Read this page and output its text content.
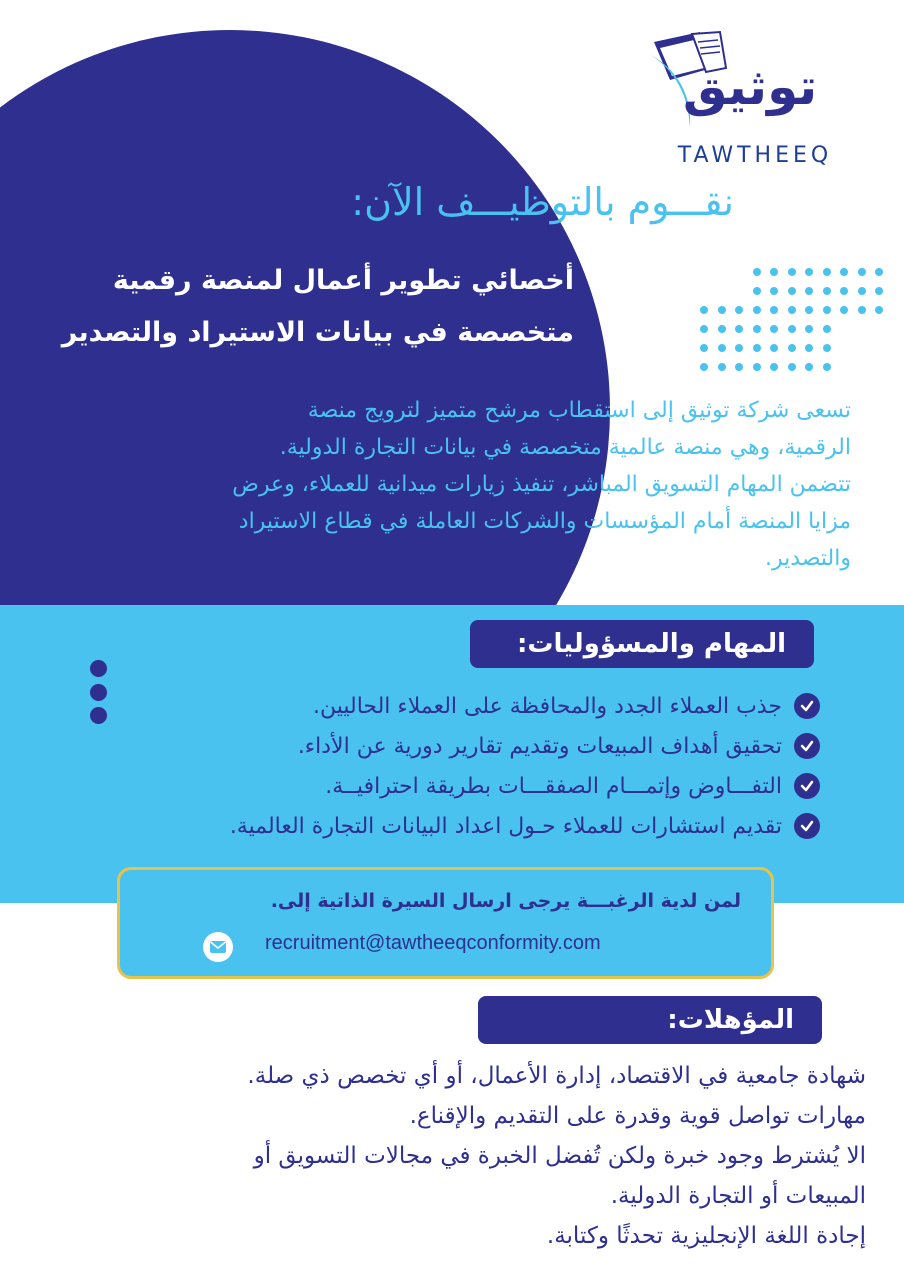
توثيق
TAWTHEEQ
نقـــوم بالتوظيـــف الآن:
أخصائي تطوير أعمال لمنصة رقمية
متخصصة في بيانات الاستيراد والتصدير
تسعى شركة توثيق إلى استقطاب مرشح متميز لترويج منصة
الرقمية، وهي منصة عالمية متخصصة في بيانات التجارة الدولية.
تتضمن المهام التسويق المباشر، تنفيذ زيارات ميدانية للعملاء، وعرض
مزايا المنصة أمام المؤسسات والشركات العاملة في قطاع الاستيراد
والتصدير.
المهام والمسؤوليات:
جذب العملاء الجدد والمحافظة على العملاء الحاليين.
تحقيق أهداف المبيعات وتقديم تقارير دورية عن الأداء.
التفـــاوض وإتمـــام الصفقـــات بطريقة احترافيــة.
تقديم استشارات للعملاء حـول اعداد البيانات التجارة العالمية.
لمن لدية الرغبـــة يرجى ارسال السيرة الذاتية إلى.
recruitment@tawtheeqconformity.com
المؤهلات:
شهادة جامعية في الاقتصاد، إدارة الأعمال، أو أي تخصص ذي صلة.
مهارات تواصل قوية وقدرة على التقديم والإقناع.
الا يُشترط وجود خبرة ولكن تُفضل الخبرة في مجالات التسويق أو
المبيعات أو التجارة الدولية.
إجادة اللغة الإنجليزية تحدثًا وكتابة.
